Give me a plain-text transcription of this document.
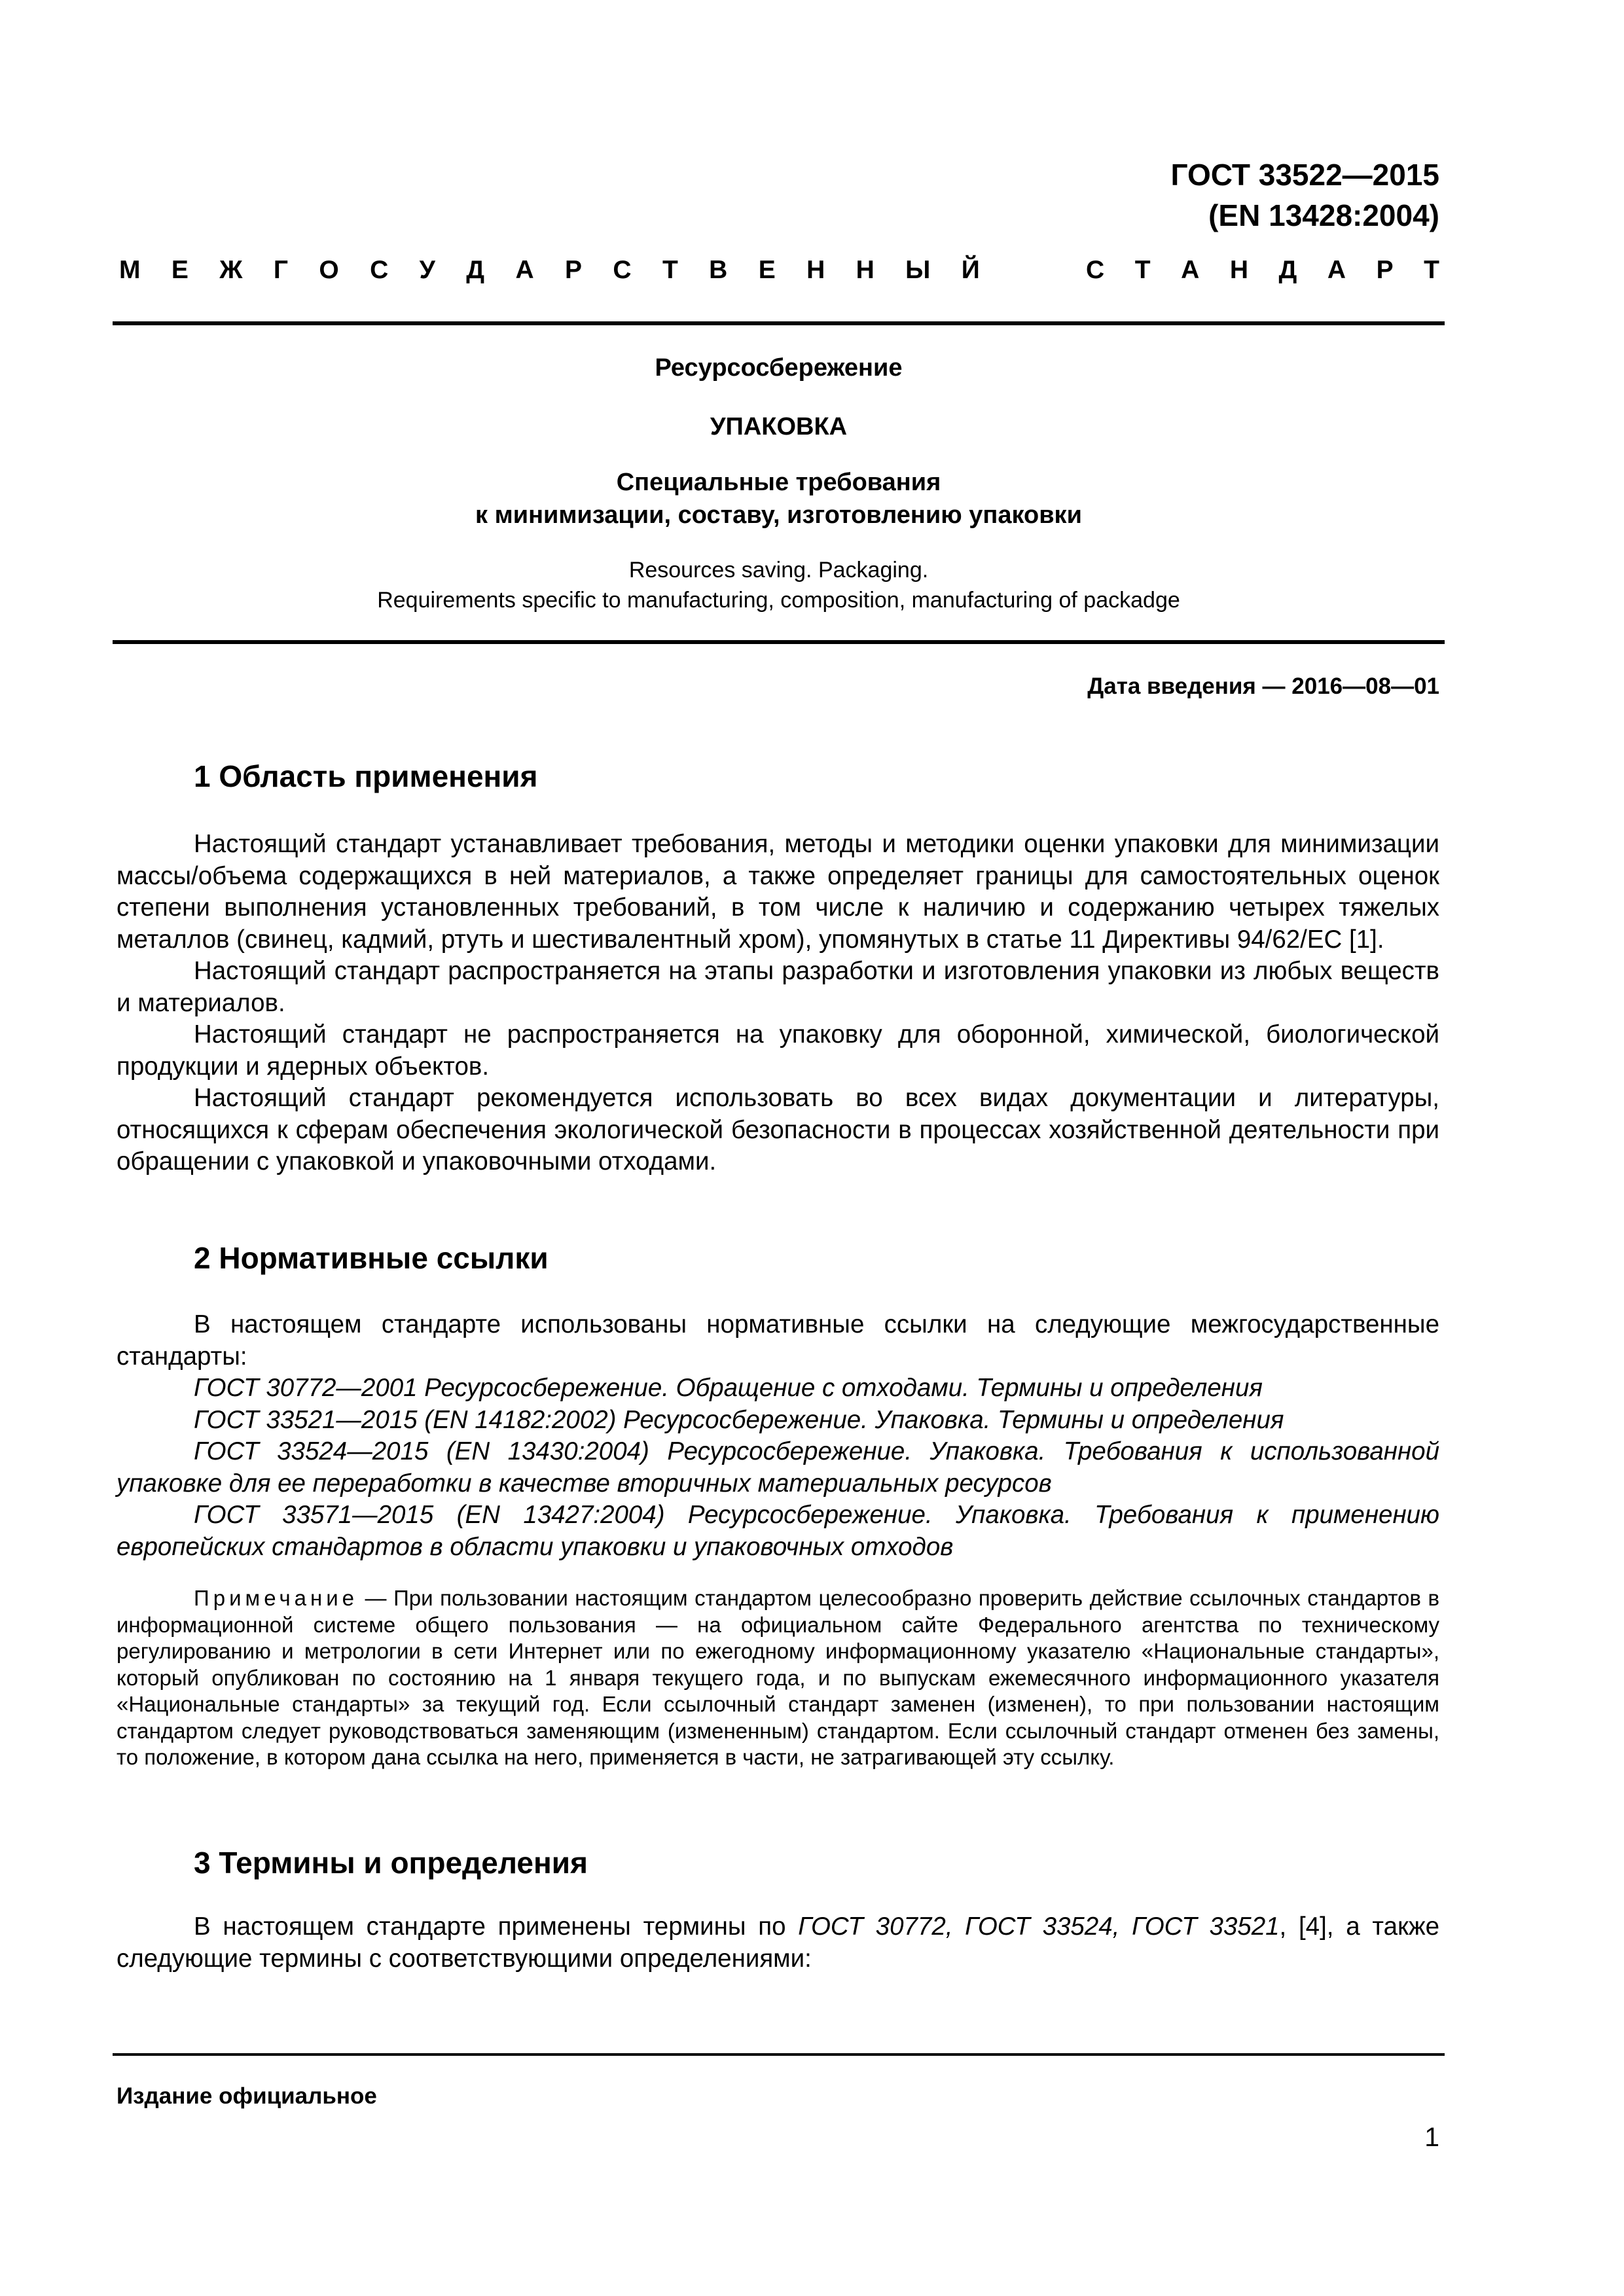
ГОСТ 33522—2015
(EN 13428:2004)
М Е Ж Г О С У Д А Р С Т В Е Н Н Ы Й	С Т А Н Д А Р Т
Ресурсосбережение
УПАКОВКА
Специальные требования
к минимизации, составу, изготовлению упаковки
Resources saving. Packaging.
Requirements specific to manufacturing, composition, manufacturing of packadge
Дата введения — 2016—08—01
1 Область применения

Настоящий стандарт устанавливает требования, методы и методики оценки упаковки для минимизации массы/объема содержащихся в ней материалов, а также определяет границы для самостоятельных оценок степени выполнения установленных требований, в том числе к наличию и содержанию четырех тяжелых металлов (свинец, кадмий, ртуть и шестивалентный хром), упомянутых в статье 11 Директивы 94/62/EC [1].

Настоящий стандарт распространяется на этапы разработки и изготовления упаковки из любых веществ и материалов.

Настоящий стандарт не распространяется на упаковку для оборонной, химической, биологической продукции и ядерных объектов.

Настоящий стандарт рекомендуется использовать во всех видах документации и литературы, относящихся к сферам обеспечения экологической безопасности в процессах хозяйственной деятельности при обращении с упаковкой и упаковочными отходами.

2 Нормативные ссылки

В настоящем стандарте использованы нормативные ссылки на следующие межгосударственные стандарты:

ГОСТ 30772—2001 Ресурсосбережение. Обращение с отходами. Термины и определения

ГОСТ 33521—2015 (EN 14182:2002) Ресурсосбережение. Упаковка. Термины и определения

ГОСТ 33524—2015 (EN 13430:2004) Ресурсосбережение. Упаковка. Требования к использованной упаковке для ее переработки в качестве вторичных материальных ресурсов

ГОСТ 33571—2015 (EN 13427:2004) Ресурсосбережение. Упаковка. Требования к применению европейских стандартов в области упаковки и упаковочных отходов

Примечание — При пользовании настоящим стандартом целесообразно проверить действие ссылочных стандартов в информационной системе общего пользования — на официальном сайте Федерального агентства по техническому регулированию и метрологии в сети Интернет или по ежегодному информационному указателю «Национальные стандарты», который опубликован по состоянию на 1 января текущего года, и по выпускам ежемесячного информационного указателя «Национальные стандарты» за текущий год. Если ссылочный стандарт заменен (изменен), то при пользовании настоящим стандартом следует руководствоваться заменяющим (измененным) стандартом. Если ссылочный стандарт отменен без замены, то положение, в котором дана ссылка на него, применяется в части, не затрагивающей эту ссылку.

3 Термины и определения

В настоящем стандарте применены термины по ГОСТ 30772, ГОСТ 33524, ГОСТ 33521, [4], а также следующие термины с соответствующими определениями:

Издание официальное
1
